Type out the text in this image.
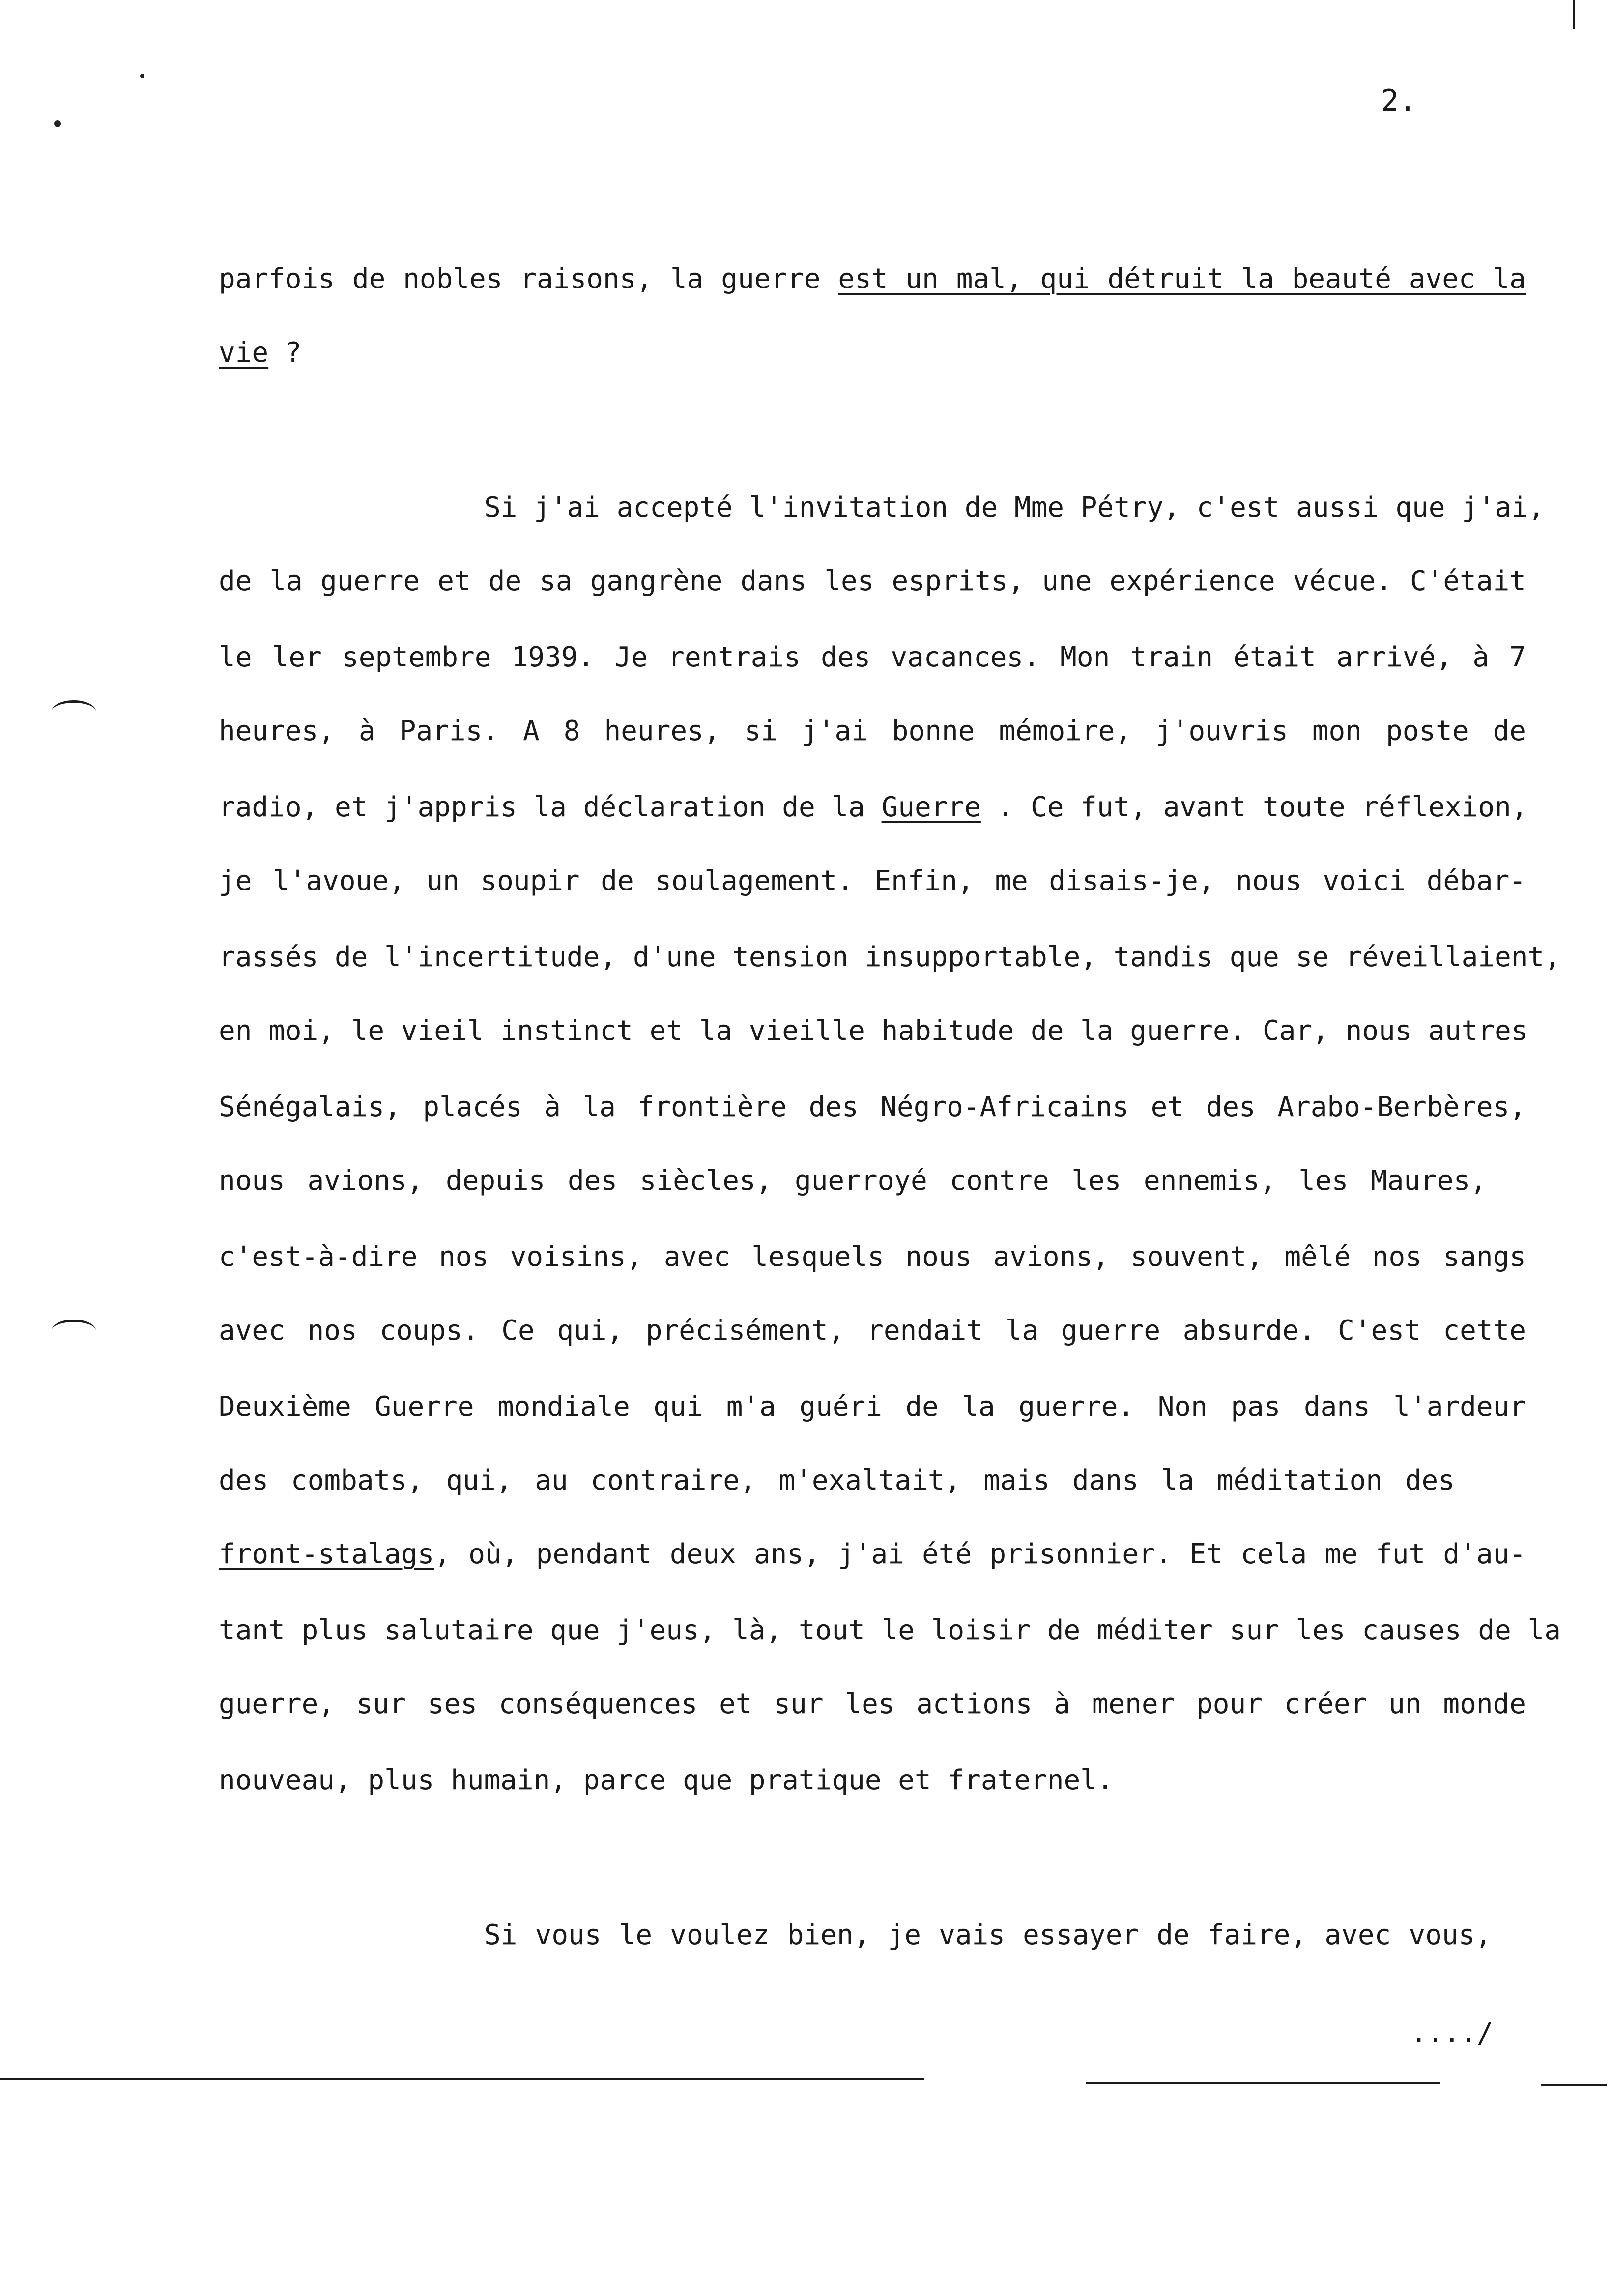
2.
parfois de nobles raisons, la guerre est un mal, qui détruit la beauté avec la
vie ?
Si j'ai accepté l'invitation de Mme Pétry, c'est aussi que j'ai,
de la guerre et de sa gangrène dans les esprits, une expérience vécue. C'était
le ler septembre 1939. Je rentrais des vacances. Mon train était arrivé, à 7
heures, à Paris. A 8 heures, si j'ai bonne mémoire, j'ouvris mon poste de
radio, et j'appris la déclaration de la Guerre . Ce fut, avant toute réflexion,
je l'avoue, un soupir de soulagement. Enfin, me disais-je, nous voici débar-
rassés de l'incertitude, d'une tension insupportable, tandis que se réveillaient,
en moi, le vieil instinct et la vieille habitude de la guerre. Car, nous autres
Sénégalais, placés à la frontière des Négro-Africains et des Arabo-Berbères,
nous avions, depuis des siècles, guerroyé contre les ennemis, les Maures,
c'est-à-dire nos voisins, avec lesquels nous avions, souvent, mêlé nos sangs
avec nos coups. Ce qui, précisément, rendait la guerre absurde. C'est cette
Deuxième Guerre mondiale qui m'a guéri de la guerre. Non pas dans l'ardeur
des combats, qui, au contraire, m'exaltait, mais dans la méditation des
front-stalags, où, pendant deux ans, j'ai été prisonnier. Et cela me fut d'au-
tant plus salutaire que j'eus, là, tout le loisir de méditer sur les causes de la
guerre, sur ses conséquences et sur les actions à mener pour créer un monde
nouveau, plus humain, parce que pratique et fraternel.
Si vous le voulez bien, je vais essayer de faire, avec vous,
..../
